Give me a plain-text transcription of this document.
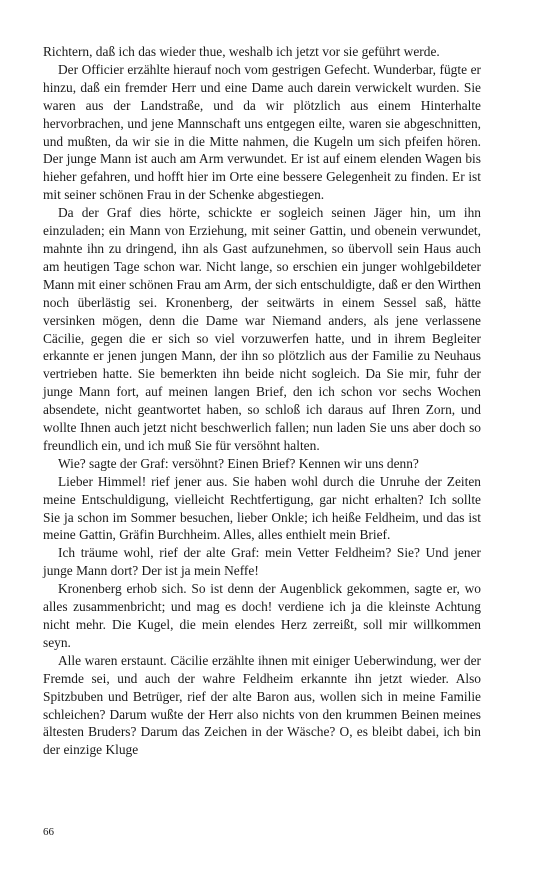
Richtern, daß ich das wieder thue, weshalb ich jetzt vor sie geführt werde.

Der Officier erzählte hierauf noch vom gestrigen Gefecht. Wunderbar, fügte er hinzu, daß ein fremder Herr und eine Dame auch darein verwickelt wurden. Sie waren aus der Landstraße, und da wir plötzlich aus einem Hinterhalte hervorbrachen, und jene Mannschaft uns entgegen eilte, waren sie abgeschnitten, und mußten, da wir sie in die Mitte nahmen, die Kugeln um sich pfeifen hören. Der junge Mann ist auch am Arm verwundet. Er ist auf einem elenden Wagen bis hieher gefahren, und hofft hier im Orte eine bessere Gelegenheit zu finden. Er ist mit seiner schönen Frau in der Schenke abgestiegen.

Da der Graf dies hörte, schickte er sogleich seinen Jäger hin, um ihn einzuladen; ein Mann von Erziehung, mit seiner Gattin, und obenein verwundet, mahnte ihn zu dringend, ihn als Gast aufzunehmen, so übervoll sein Haus auch am heutigen Tage schon war. Nicht lange, so erschien ein junger wohlgebildeter Mann mit einer schönen Frau am Arm, der sich entschuldigte, daß er den Wirthen noch überlästig sei. Kronenberg, der seitwärts in einem Sessel saß, hätte versinken mögen, denn die Dame war Niemand anders, als jene verlassene Cäcilie, gegen die er sich so viel vorzuwerfen hatte, und in ihrem Begleiter erkannte er jenen jungen Mann, der ihn so plötzlich aus der Familie zu Neuhaus vertrieben hatte. Sie bemerkten ihn beide nicht sogleich. Da Sie mir, fuhr der junge Mann fort, auf meinen langen Brief, den ich schon vor sechs Wochen absendete, nicht geantwortet haben, so schloß ich daraus auf Ihren Zorn, und wollte Ihnen auch jetzt nicht beschwerlich fallen; nun laden Sie uns aber doch so freundlich ein, und ich muß Sie für versöhnt halten.

Wie? sagte der Graf: versöhnt? Einen Brief? Kennen wir uns denn?

Lieber Himmel! rief jener aus. Sie haben wohl durch die Unruhe der Zeiten meine Entschuldigung, vielleicht Rechtfertigung, gar nicht erhalten? Ich sollte Sie ja schon im Sommer besuchen, lieber Onkle; ich heiße Feldheim, und das ist meine Gattin, Gräfin Burchheim. Alles, alles enthielt mein Brief.

Ich träume wohl, rief der alte Graf: mein Vetter Feldheim? Sie? Und jener junge Mann dort? Der ist ja mein Neffe!

Kronenberg erhob sich. So ist denn der Augenblick gekommen, sagte er, wo alles zusammenbricht; und mag es doch! verdiene ich ja die kleinste Achtung nicht mehr. Die Kugel, die mein elendes Herz zerreißt, soll mir willkommen seyn.

Alle waren erstaunt. Cäcilie erzählte ihnen mit einiger Ueberwindung, wer der Fremde sei, und auch der wahre Feldheim erkannte ihn jetzt wieder. Also Spitzbuben und Betrüger, rief der alte Baron aus, wollen sich in meine Familie schleichen? Darum wußte der Herr also nichts von den krummen Beinen meines ältesten Bruders? Darum das Zeichen in der Wäsche? O, es bleibt dabei, ich bin der einzige Kluge

66
